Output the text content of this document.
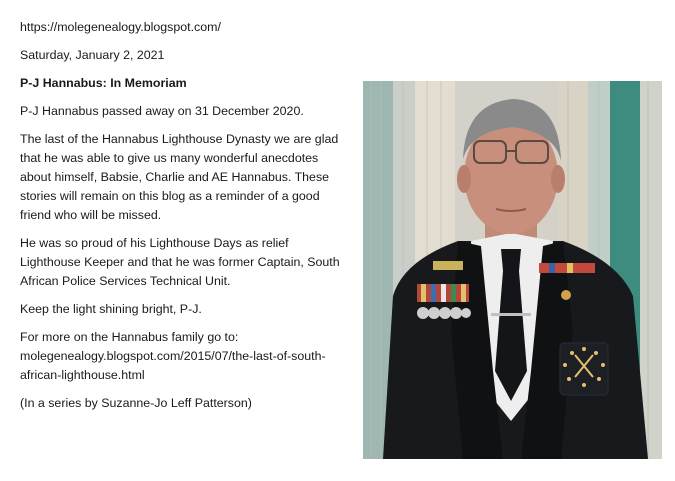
https://molegenealogy.blogspot.com/

Saturday, January 2, 2021

P-J Hannabus: In Memoriam

P-J Hannabus passed away on 31 December 2020.

The last of the Hannabus Lighthouse Dynasty we are glad that he was able to give us many wonderful anecdotes about himself, Babsie, Charlie and AE Hannabus. These stories will remain on this blog as a reminder of a good friend who will be missed.

He was so proud of his Lighthouse Days as relief Lighthouse Keeper and that he was former Captain, South African Police Services Technical Unit.

Keep the light shining bright, P-J.

For more on the Hannabus family go to: molegenealogy.blogspot.com/2015/07/the-last-of-south-african-lighthouse.html

(In a series by Suzanne-Jo Leff Patterson)
